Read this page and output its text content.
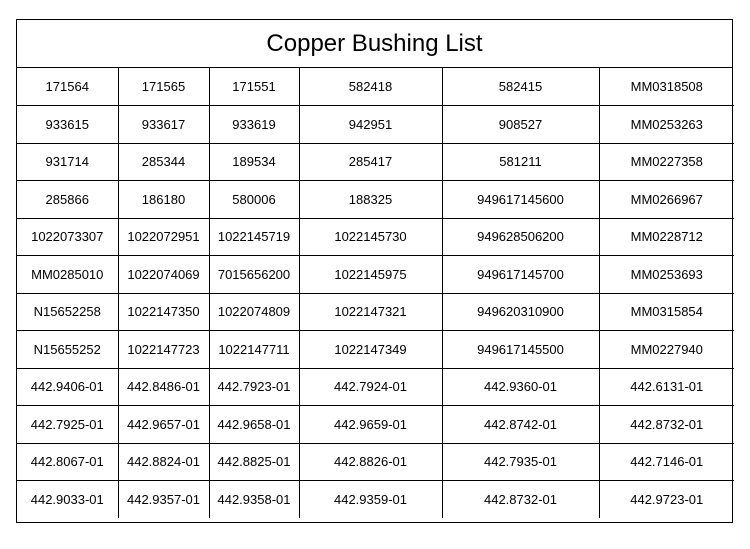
Copper Bushing List
171564	171565	171551	582418	582415	MM0318508
933615	933617	933619	942951	908527	MM0253263
931714	285344	189534	285417	581211	MM0227358
285866	186180	580006	188325	949617145600	MM0266967
1022073307	1022072951	1022145719	1022145730	949628506200	MM0228712
MM0285010	1022074069	7015656200	1022145975	949617145700	MM0253693
N15652258	1022147350	1022074809	1022147321	949620310900	MM0315854
N15655252	1022147723	1022147711	1022147349	949617145500	MM0227940
442.9406-01	442.8486-01	442.7923-01	442.7924-01	442.9360-01	442.6131-01
442.7925-01	442.9657-01	442.9658-01	442.9659-01	442.8742-01	442.8732-01
442.8067-01	442.8824-01	442.8825-01	442.8826-01	442.7935-01	442.7146-01
442.9033-01	442.9357-01	442.9358-01	442.9359-01	442.8732-01	442.9723-01
